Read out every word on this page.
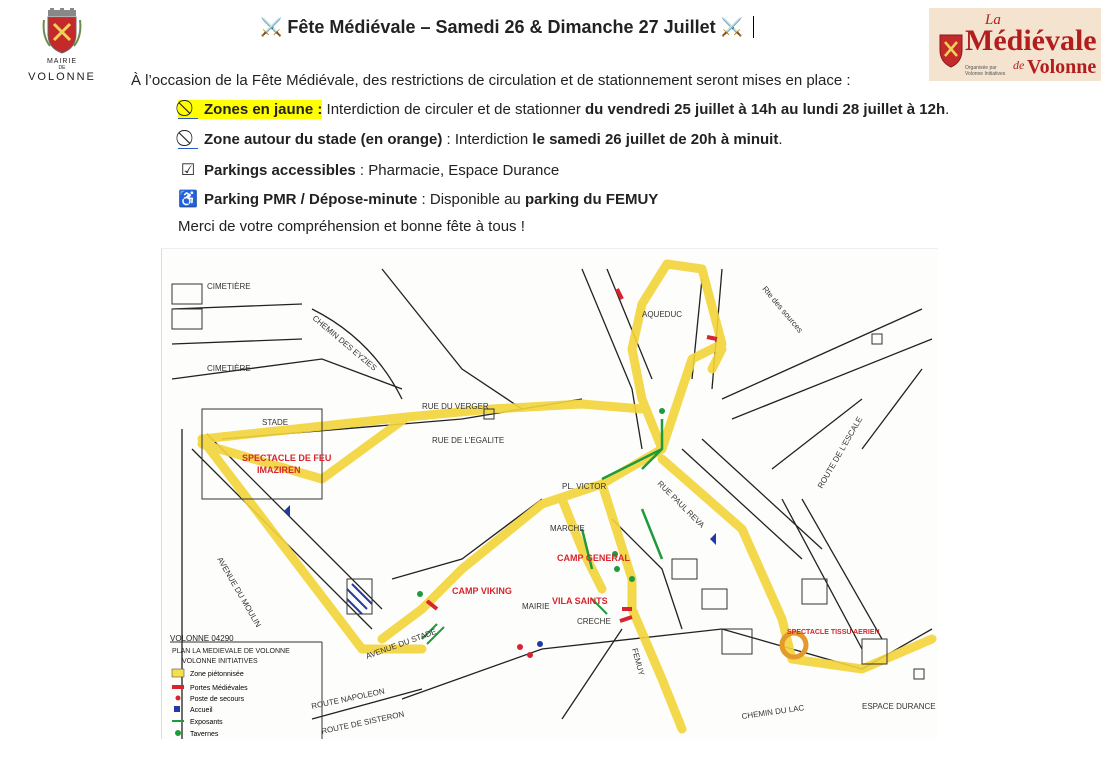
MAIRIE
DE
VOLONNE
⚔️ Fête Médiévale – Samedi 26 & Dimanche 27 Juillet ⚔️	La
Médiévale
Organisée par Volonne Initiatives
de Volonne
À l’occasion de la Fête Médiévale, des restrictions de circulation et de stationnement seront mises en place :
Zones en jaune : Interdiction de circuler et de stationner du vendredi 25 juillet à 14h au lundi 28 juillet à 12h .
Zone autour du stade (en orange) : Interdiction le samedi 26 juillet de 20h à minuit .
☑ Parkings accessibles : Pharmacie, Espace Durance
♿ Parking PMR / Dépose-minute : Disponible au parking du FEMUY
Merci de votre compréhension et bonne fête à tous !
CIMETIÈRE
CIMETIÈRE
STADE
RUE DU VERGER
RUE DE L'EGALITE
CHEMIN DES EYZIES
AVENUE DU MOULIN
AVENUE DU STADE
ROUTE DE SISTERON
ROUTE NAPOLEON	ESPACE DURANCE
CHEMIN DU LAC
ROUTE DE L'ESCALE
RUE PAUL REVA
PL. VICTOR
AQUEDUC
MARCHE
CRECHE
MAIRIE
FEMUY
Rte des sources
SPECTACLE DE FEU
IMAZIREN
CAMP VIKING
CAMP GENERAL
VILA SAINTS
SPECTACLE TISSU AERIEN
VOLONNE 04290
PLAN LA MEDIEVALE DE VOLONNE
VOLONNE INITIATIVES
Zone piétonnisée
Portes Médiévales
Poste de secours
Accueil
Exposants
Tavernes
